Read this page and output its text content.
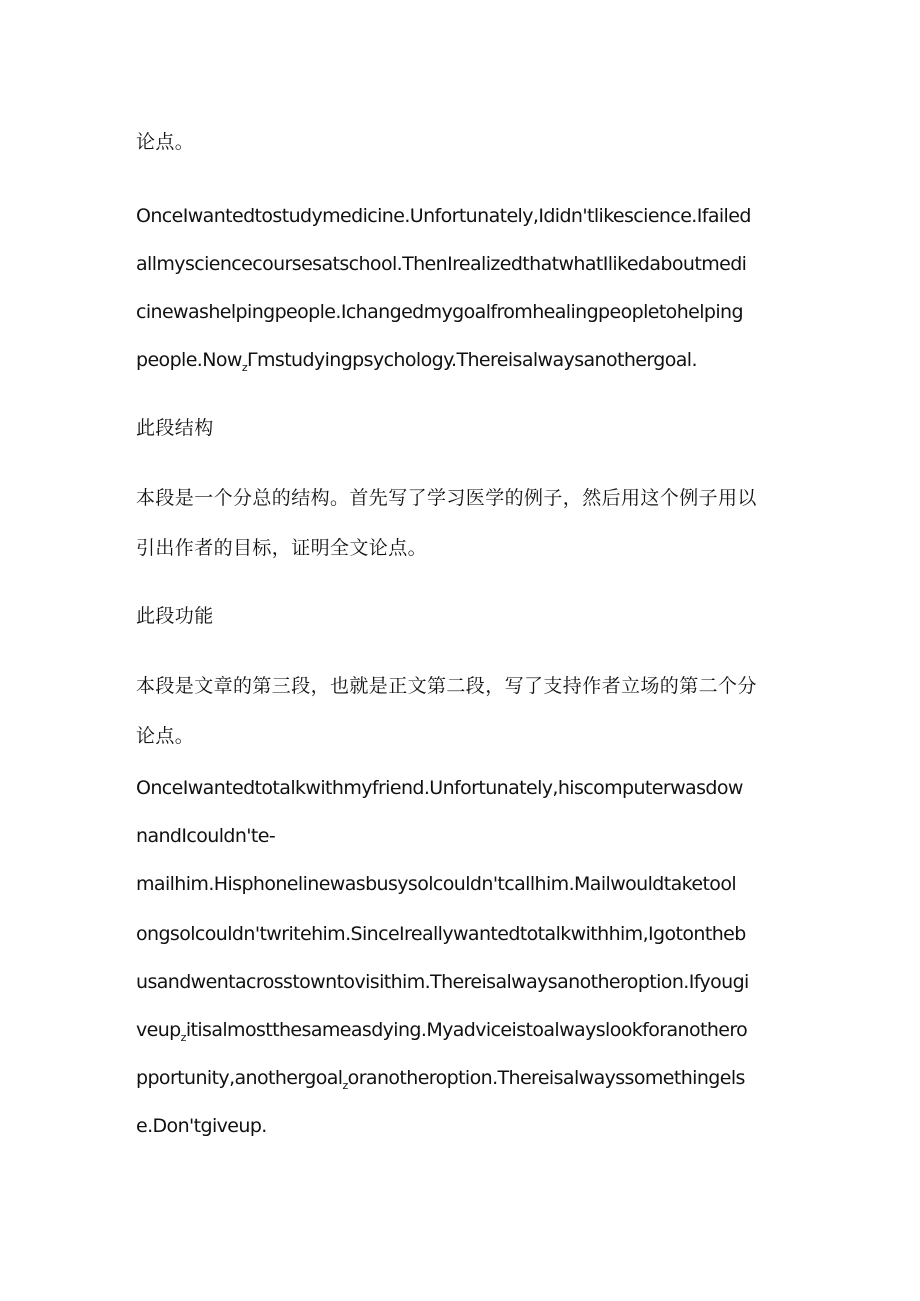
论点。
OnceIwantedtostudymedicine.Unfortunately,Ididn'tlikescience.Ifailed
allmysciencecoursesatschool.ThenIrealizedthatwhatIlikedaboutmedi
cinewashelpingpeople.Ichangedmygoalfromhealingpeopletohelping
people.Now$_z$Γmstudyingpsychology.Thereisalwaysanothergoal.
此段结构
本段是一个分总的结构。首先写了学习医学的例子，然后用这个例子用以
引出作者的目标，证明全文论点。
此段功能
本段是文章的第三段，也就是正文第二段，写了支持作者立场的第二个分
论点。
OnceIwantedtotalkwithmyfriend.Unfortunately,hiscomputerwasdow
nandIcouldn'te-
mailhim.Hisphonelinewasbusysolcouldn'tcallhim.Mailwouldtaketool
ongsolcouldn'twritehim.SinceIreallywantedtotalkwithhim,Igotontheb
usandwentacrosstowntovisithim.Thereisalwaysanotheroption.Ifyougi
veup$_z$itisalmostthesameasdying.Myadviceistoalwayslookforanothero
pportunity,anothergoal$_z$oranotheroption.Thereisalwayssomethingels
e.Don'tgiveup.
